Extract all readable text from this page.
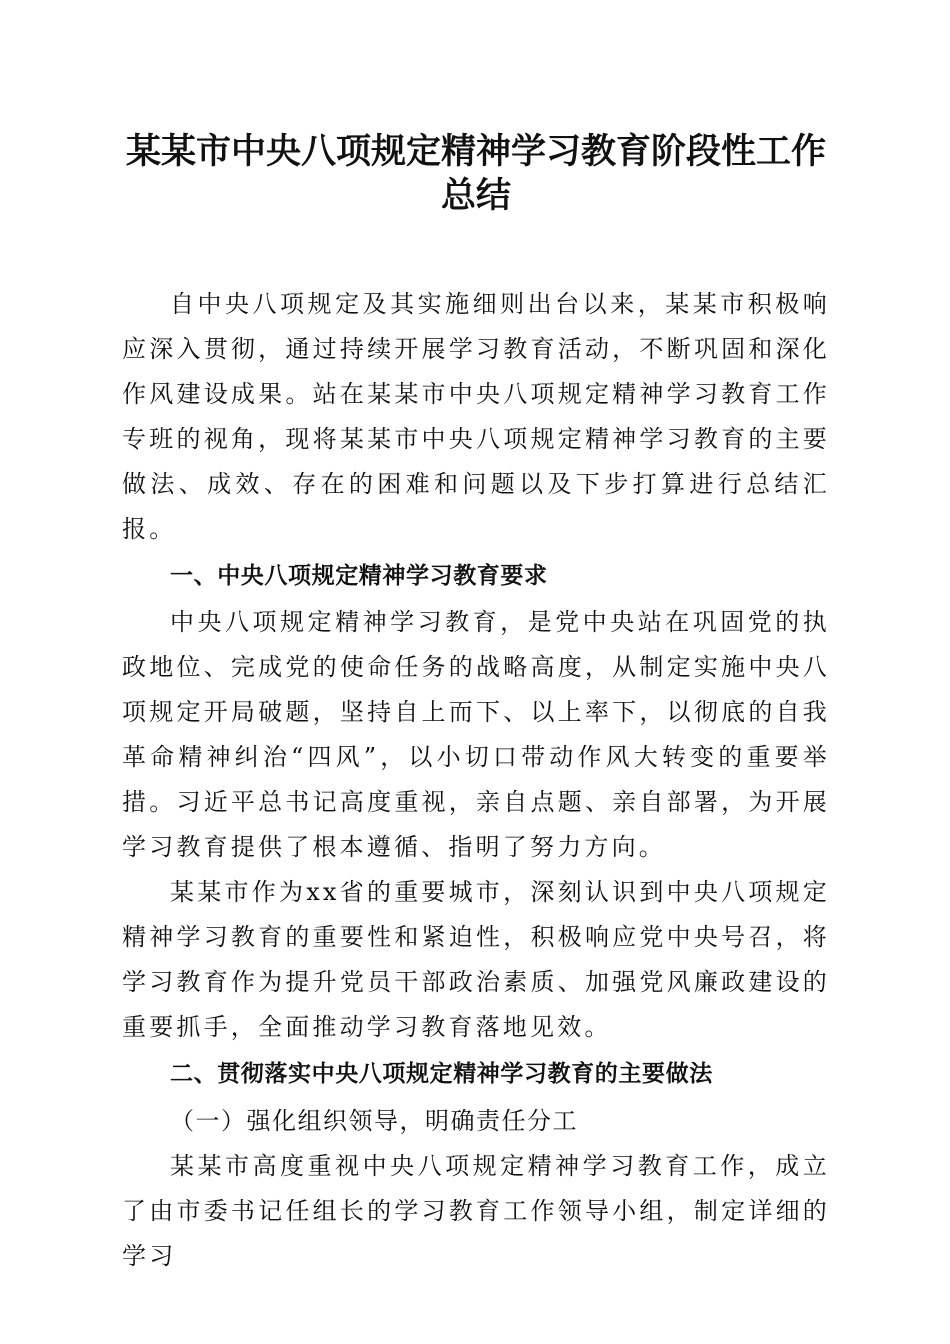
某某市中央八项规定精神学习教育阶段性工作
总结

自中央八项规定及其实施细则出台以来，某某市积极响应深入贯彻，通过持续开展学习教育活动，不断巩固和深化作风建设成果。站在某某市中央八项规定精神学习教育工作专班的视角，现将某某市中央八项规定精神学习教育的主要做法、成效、存在的困难和问题以及下步打算进行总结汇报。

一、中央八项规定精神学习教育要求

中央八项规定精神学习教育，是党中央站在巩固党的执政地位、完成党的使命任务的战略高度，从制定实施中央八项规定开局破题，坚持自上而下、以上率下，以彻底的自我革命精神纠治“四风”，以小切口带动作风大转变的重要举措。习近平总书记高度重视，亲自点题、亲自部署，为开展学习教育提供了根本遵循、指明了努力方向。

某某市作为xx省的重要城市，深刻认识到中央八项规定精神学习教育的重要性和紧迫性，积极响应党中央号召，将学习教育作为提升党员干部政治素质、加强党风廉政建设的重要抓手，全面推动学习教育落地见效。

二、贯彻落实中央八项规定精神学习教育的主要做法

（一）强化组织领导，明确责任分工

某某市高度重视中央八项规定精神学习教育工作，成立了由市委书记任组长的学习教育工作领导小组，制定详细的学习
